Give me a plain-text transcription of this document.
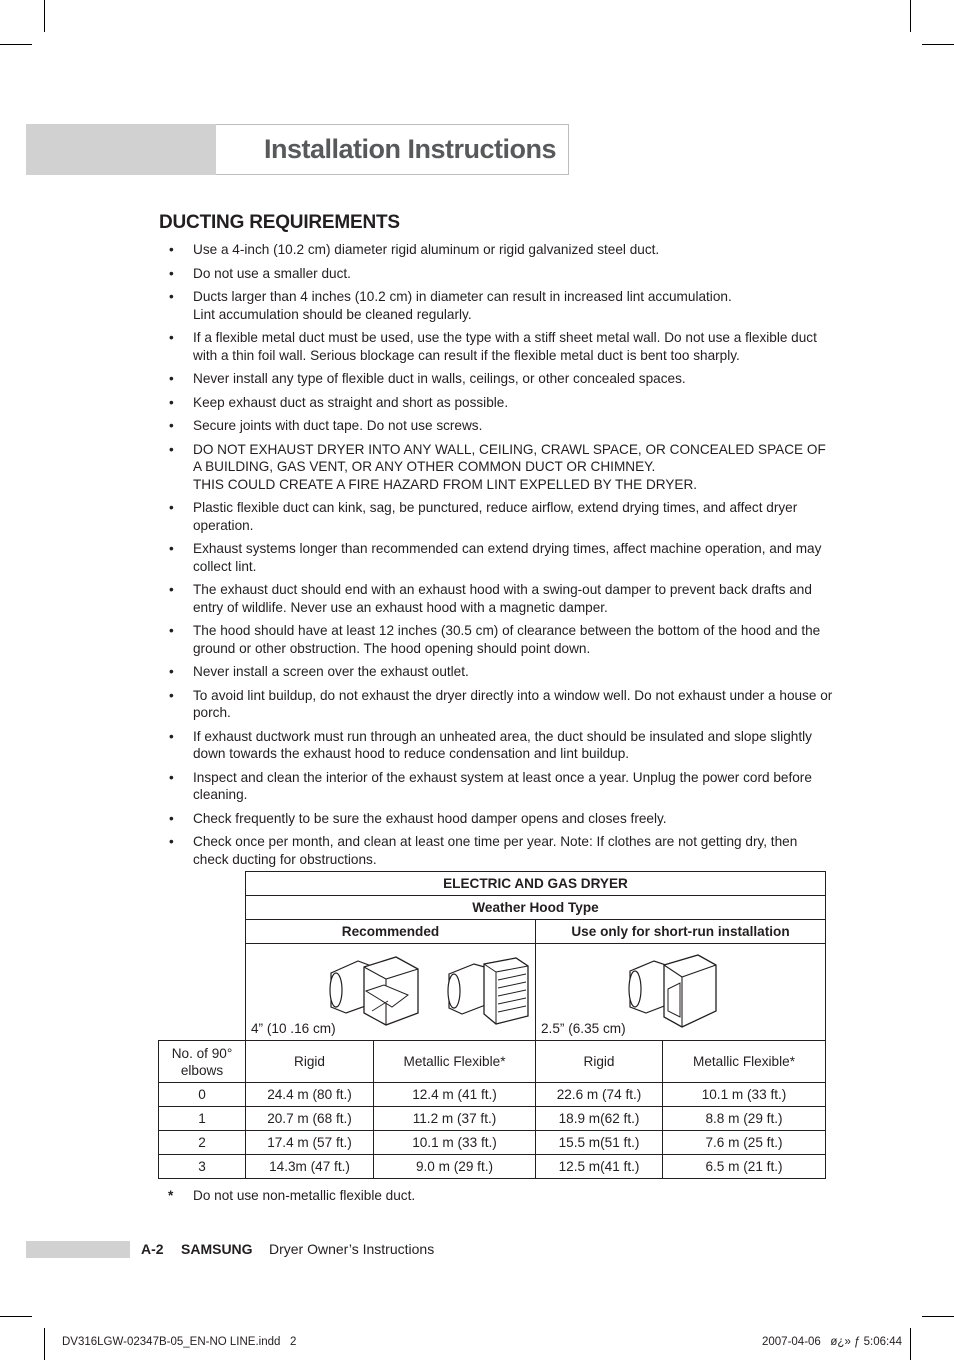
Installation Instructions
DUCTING REQUIREMENTS
• Use a 4-inch (10.2 cm) diameter rigid aluminum or rigid galvanized steel duct.
• Do not use a smaller duct.
• Ducts larger than 4 inches (10.2 cm) in diameter can result in increased lint accumulation.
Lint accumulation should be cleaned regularly.
• If a flexible metal duct must be used, use the type with a stiff sheet metal wall. Do not use a flexible duct with a thin foil wall. Serious blockage can result if the flexible metal duct is bent too sharply.
• Never install any type of flexible duct in walls, ceilings, or other concealed spaces.
• Keep exhaust duct as straight and short as possible.
• Secure joints with duct tape. Do not use screws.
• DO NOT EXHAUST DRYER INTO ANY WALL, CEILING, CRAWL SPACE, OR CONCEALED SPACE OF A BUILDING, GAS VENT, OR ANY OTHER COMMON DUCT OR CHIMNEY.
THIS COULD CREATE A FIRE HAZARD FROM LINT EXPELLED BY THE DRYER.
• Plastic flexible duct can kink, sag, be punctured, reduce airflow, extend drying times, and affect dryer operation.
• Exhaust systems longer than recommended can extend drying times, affect machine operation, and may collect lint.
• The exhaust duct should end with an exhaust hood with a swing-out damper to prevent back drafts and entry of wildlife. Never use an exhaust hood with a magnetic damper.
• The hood should have at least 12 inches (30.5 cm) of clearance between the bottom of the hood and the ground or other obstruction. The hood opening should point down.
• Never install a screen over the exhaust outlet.
• To avoid lint buildup, do not exhaust the dryer directly into a window well. Do not exhaust under a house or porch.
• If exhaust ductwork must run through an unheated area, the duct should be insulated and slope slightly down towards the exhaust hood to reduce condensation and lint buildup.
• Inspect and clean the interior of the exhaust system at least once a year. Unplug the power cord before cleaning.
• Check frequently to be sure the exhaust hood damper opens and closes freely.
• Check once per month, and clean at least one time per year. Note: If clothes are not getting dry, then check ducting for obstructions.
	ELECTRIC AND GAS DRYER			
	Weather Hood Type			
	Recommended		Use only for short-run installation	

	4” (10 .16 cm)		2.5” (6.35 cm)	

No. of 90° elbows	Rigid	Metallic Flexible*	Rigid	Metallic Flexible*
0	24.4 m (80 ft.)	12.4 m (41 ft.)	22.6 m (74 ft.)	10.1 m (33 ft.)
1	20.7 m (68 ft.)	11.2 m (37 ft.)	18.9 m(62 ft.)	8.8 m (29 ft.)
2	17.4 m (57 ft.)	10.1 m (33 ft.)	15.5 m(51 ft.)	7.6 m (25 ft.)
3	14.3m (47 ft.)	9.0 m (29 ft.)	12.5 m(41 ft.)	6.5 m (21 ft.)
* Do not use non-metallic flexible duct.
A-2 SAMSUNG Dryer Owner’s Instructions
DV316LGW-02347B-05_EN-NO LINE.indd   2	2007-04-06   ø¿» ƒ 5:06:44
